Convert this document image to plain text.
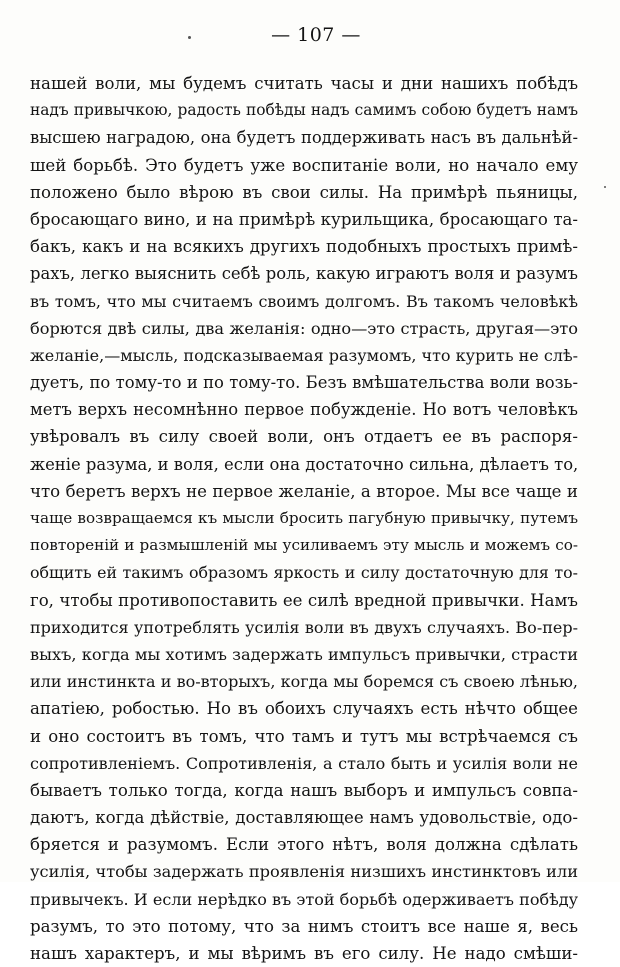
— 107 —
нашей воли, мы будемъ считать часы и дни нашихъ побѣдъ
надъ привычкою, радость побѣды надъ самимъ собою будетъ намъ
высшею наградою, она будетъ поддерживать насъ въ дальнѣй-
шей борьбѣ. Это будетъ уже воспитаніе воли, но начало ему
положено было вѣрою въ свои силы. На примѣрѣ пьяницы,
бросающаго вино, и на примѣрѣ курильщика, бросающаго та-
бакъ, какъ и на всякихъ другихъ подобныхъ простыхъ примѣ-
рахъ, легко выяснить себѣ роль, какую играютъ воля и разумъ
въ томъ, что мы считаемъ своимъ долгомъ. Въ такомъ человѣкѣ
борются двѣ силы, два желанія: одно—это страсть, другая—это
желаніе,—мысль, подсказываемая разумомъ, что курить не слѣ-
дуетъ, по тому-то и по тому-то. Безъ вмѣшательства воли возь-
метъ верхъ несомнѣнно первое побужденіе. Но вотъ человѣкъ
увѣровалъ въ силу своей воли, онъ отдаетъ ее въ распоря-
женіе разума, и воля, если она достаточно сильна, дѣлаетъ то,
что беретъ верхъ не первое желаніе, а второе. Мы все чаще и
чаще возвращаемся къ мысли бросить пагубную привычку, путемъ
повтореній и размышленій мы усиливаемъ эту мысль и можемъ со-
общить ей такимъ образомъ яркость и силу достаточную для то-
го, чтобы противопоставить ее силѣ вредной привычки. Намъ
приходится употреблять усилія воли въ двухъ случаяхъ. Во-пер-
выхъ, когда мы хотимъ задержать импульсъ привычки, страсти
или инстинкта и во-вторыхъ, когда мы боремся съ своею лѣнью,
апатіею, робостью. Но въ обоихъ случаяхъ есть нѣчто общее
и оно состоитъ въ томъ, что тамъ и тутъ мы встрѣчаемся съ
сопротивленіемъ. Сопротивленія, а стало быть и усилія воли не
бываетъ только тогда, когда нашъ выборъ и импульсъ совпа-
даютъ, когда дѣйствіе, доставляющее намъ удовольствіе, одо-
бряется и разумомъ. Если этого нѣтъ, воля должна сдѣлать
усилія, чтобы задержать проявленія низшихъ инстинктовъ или
привычекъ. И если нерѣдко въ этой борьбѣ одерживаетъ побѣду
разумъ, то это потому, что за нимъ стоитъ все наше я, весь
нашъ характеръ, и мы вѣримъ въ его силу. Не надо смѣши-
